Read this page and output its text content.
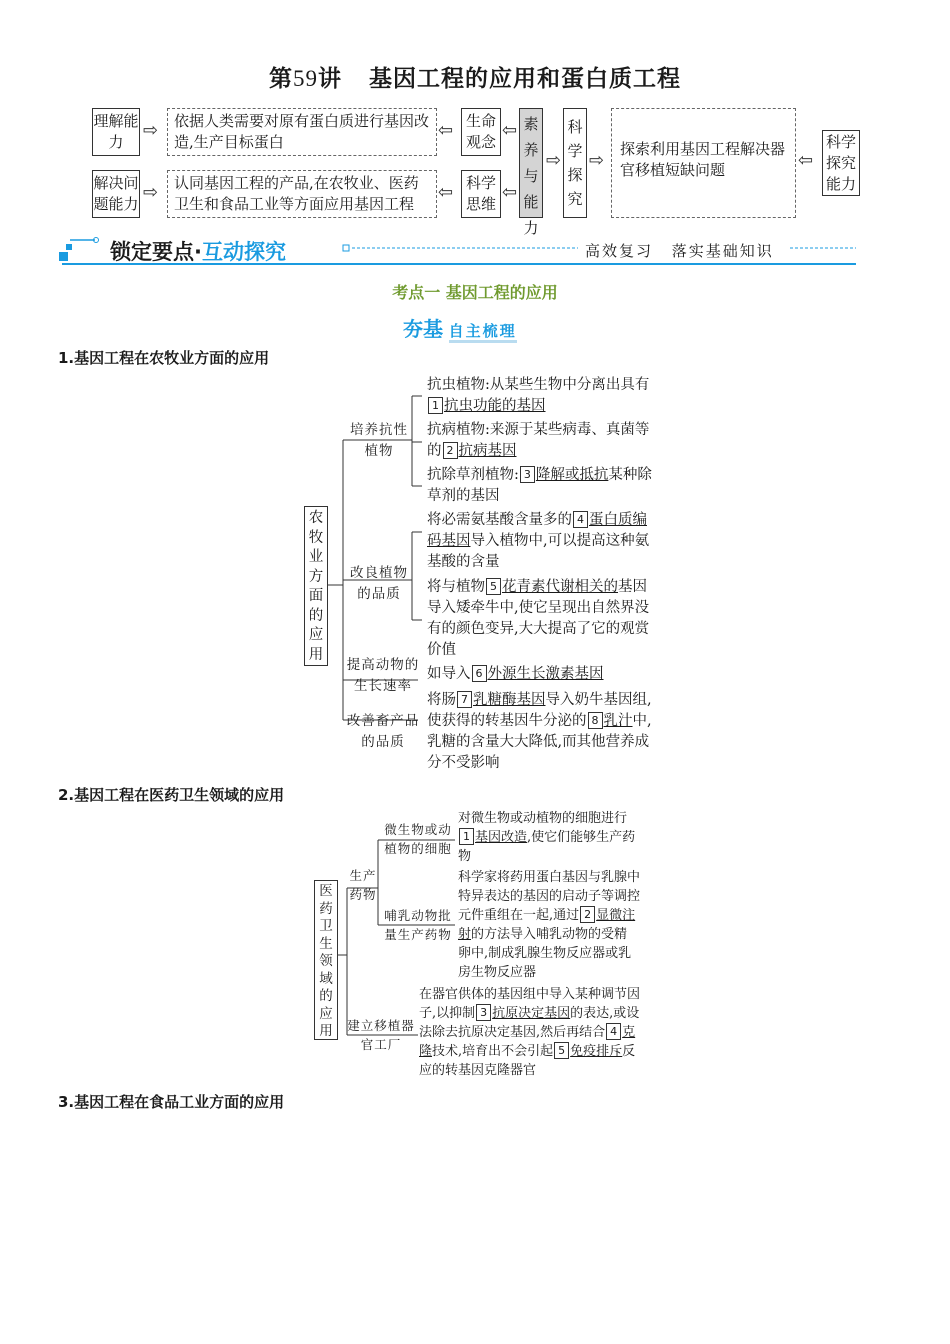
第59讲 基因工程的应用和蛋白质工程
理解能力
⇨	依据人类需要对原有蛋白质进行基因改造,生产目标蛋白
⇦ 生命观念
解决问题能力
⇨	认同基因工程的产品,在农牧业、医药卫生和食品工业等方面应用基因工程
⇦ 科学思维
⇦
⇦
素养与能力
⇨
科学探究
⇨
探索利用基因工程解决器官移植短缺问题	⇦
科学探究能力
锁定要点·互动探究	高效复习 落实基础知识
考点一 基因工程的应用
夯基 自主梳理
1.基因工程在农牧业方面的应用
农牧业方面的应用
培养抗性植物
改良植物的品质
提高动物的生长速率
改善畜产品的品质
抗虫植物:从某些生物中分离出具有1 抗虫功能的基因
抗病植物:来源于某些病毒、真菌等的 2 抗病基因
抗除草剂植物: 3 降解或抵抗某种除草剂的基因
将必需氨基酸含量多的 4 蛋白质编码基因导入植物中,可以提高这种氨基酸的含量
将与植物 5 花青素代谢相关的基因导入矮牵牛中,使它呈现出自然界没有的颜色变异,大大提高了它的观赏价值
如导入 6 外源生长激素基因
将肠 7 乳糖酶基因导入奶牛基因组,使获得的转基因牛分泌的 8 乳汁中,乳糖的含量大大降低,而其他营养成分不受影响
2.基因工程在医药卫生领域的应用
医药卫生领域的应用
生产药物
微生物或动植物的细胞
哺乳动物批量生产药物
建立移植器官工厂
对微生物或动植物的细胞进行1 基因改造,使它们能够生产药物
科学家将药用蛋白基因与乳腺中特异表达的基因的启动子等调控元件重组在一起,通过 2 显微注射的方法导入哺乳动物的受精卵中,制成乳腺生物反应器或乳房生物反应器
在器官供体的基因组中导入某种调节因子,以抑制 3 抗原决定基因的表达,或设法除去抗原决定基因,然后再结合 4 克隆技术,培育出不会引起 5 免疫排斥反应的转基因克隆器官
3.基因工程在食品工业方面的应用
